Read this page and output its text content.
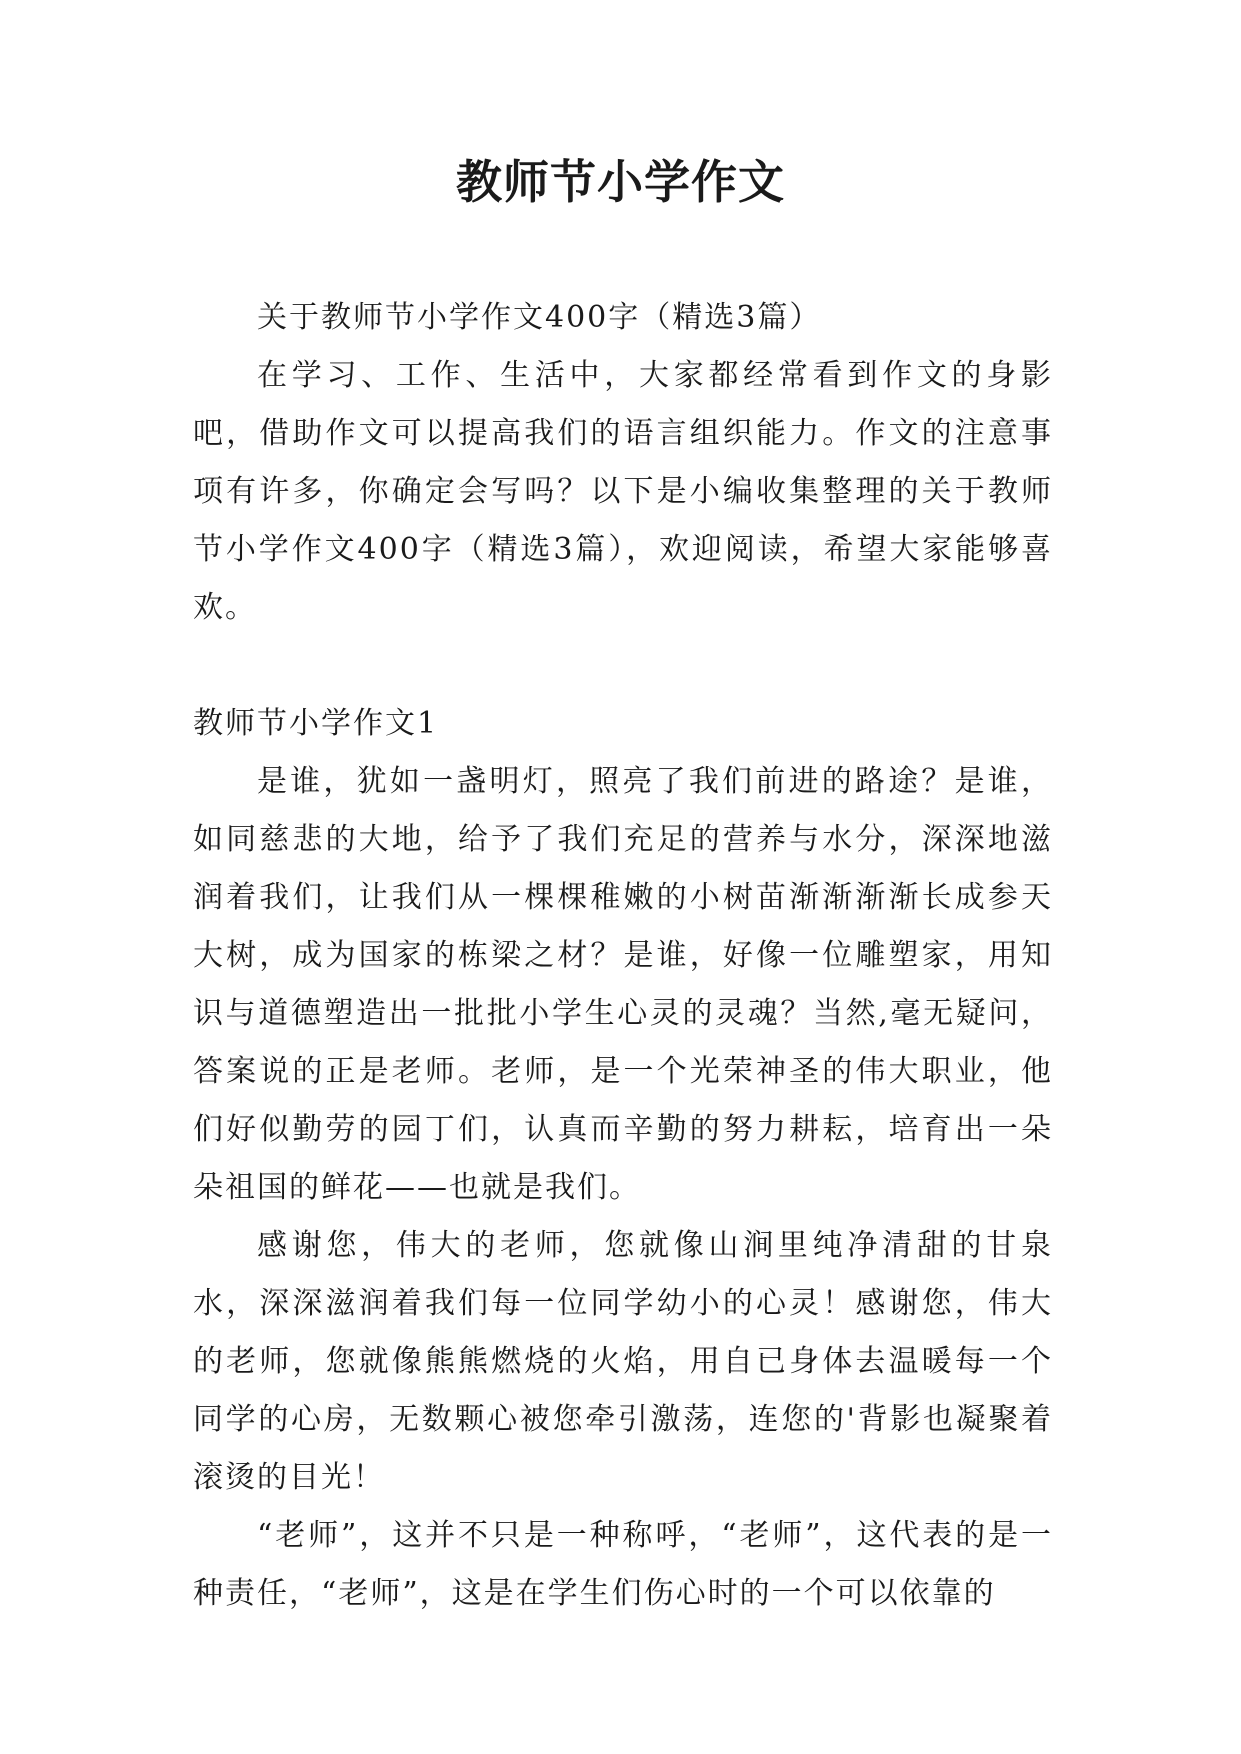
教师节小学作文

关于教师节小学作文400字（精选3篇）

在学习、工作、生活中，大家都经常看到作文的身影吧，借助作文可以提高我们的语言组织能力。作文的注意事项有许多，你确定会写吗？以下是小编收集整理的关于教师节小学作文400字（精选3篇），欢迎阅读，希望大家能够喜欢。

教师节小学作文1

是谁，犹如一盏明灯，照亮了我们前进的路途？是谁，如同慈悲的大地，给予了我们充足的营养与水分，深深地滋润着我们，让我们从一棵棵稚嫩的小树苗渐渐渐渐长成参天大树，成为国家的栋梁之材？是谁，好像一位雕塑家，用知识与道德塑造出一批批小学生心灵的灵魂？当然,毫无疑问，答案说的正是老师。老师，是一个光荣神圣的伟大职业，他们好似勤劳的园丁们，认真而辛勤的努力耕耘，培育出一朵朵祖国的鲜花——也就是我们。

感谢您，伟大的老师，您就像山涧里纯净清甜的甘泉水，深深滋润着我们每一位同学幼小的心灵！感谢您，伟大的老师，您就像熊熊燃烧的火焰，用自已身体去温暖每一个同学的心房，无数颗心被您牵引激荡，连您的'背影也凝聚着滚烫的目光！

“老师”，这并不只是一种称呼，“老师”，这代表的是一种责任，“老师”，这是在学生们伤心时的一个可以依靠的
